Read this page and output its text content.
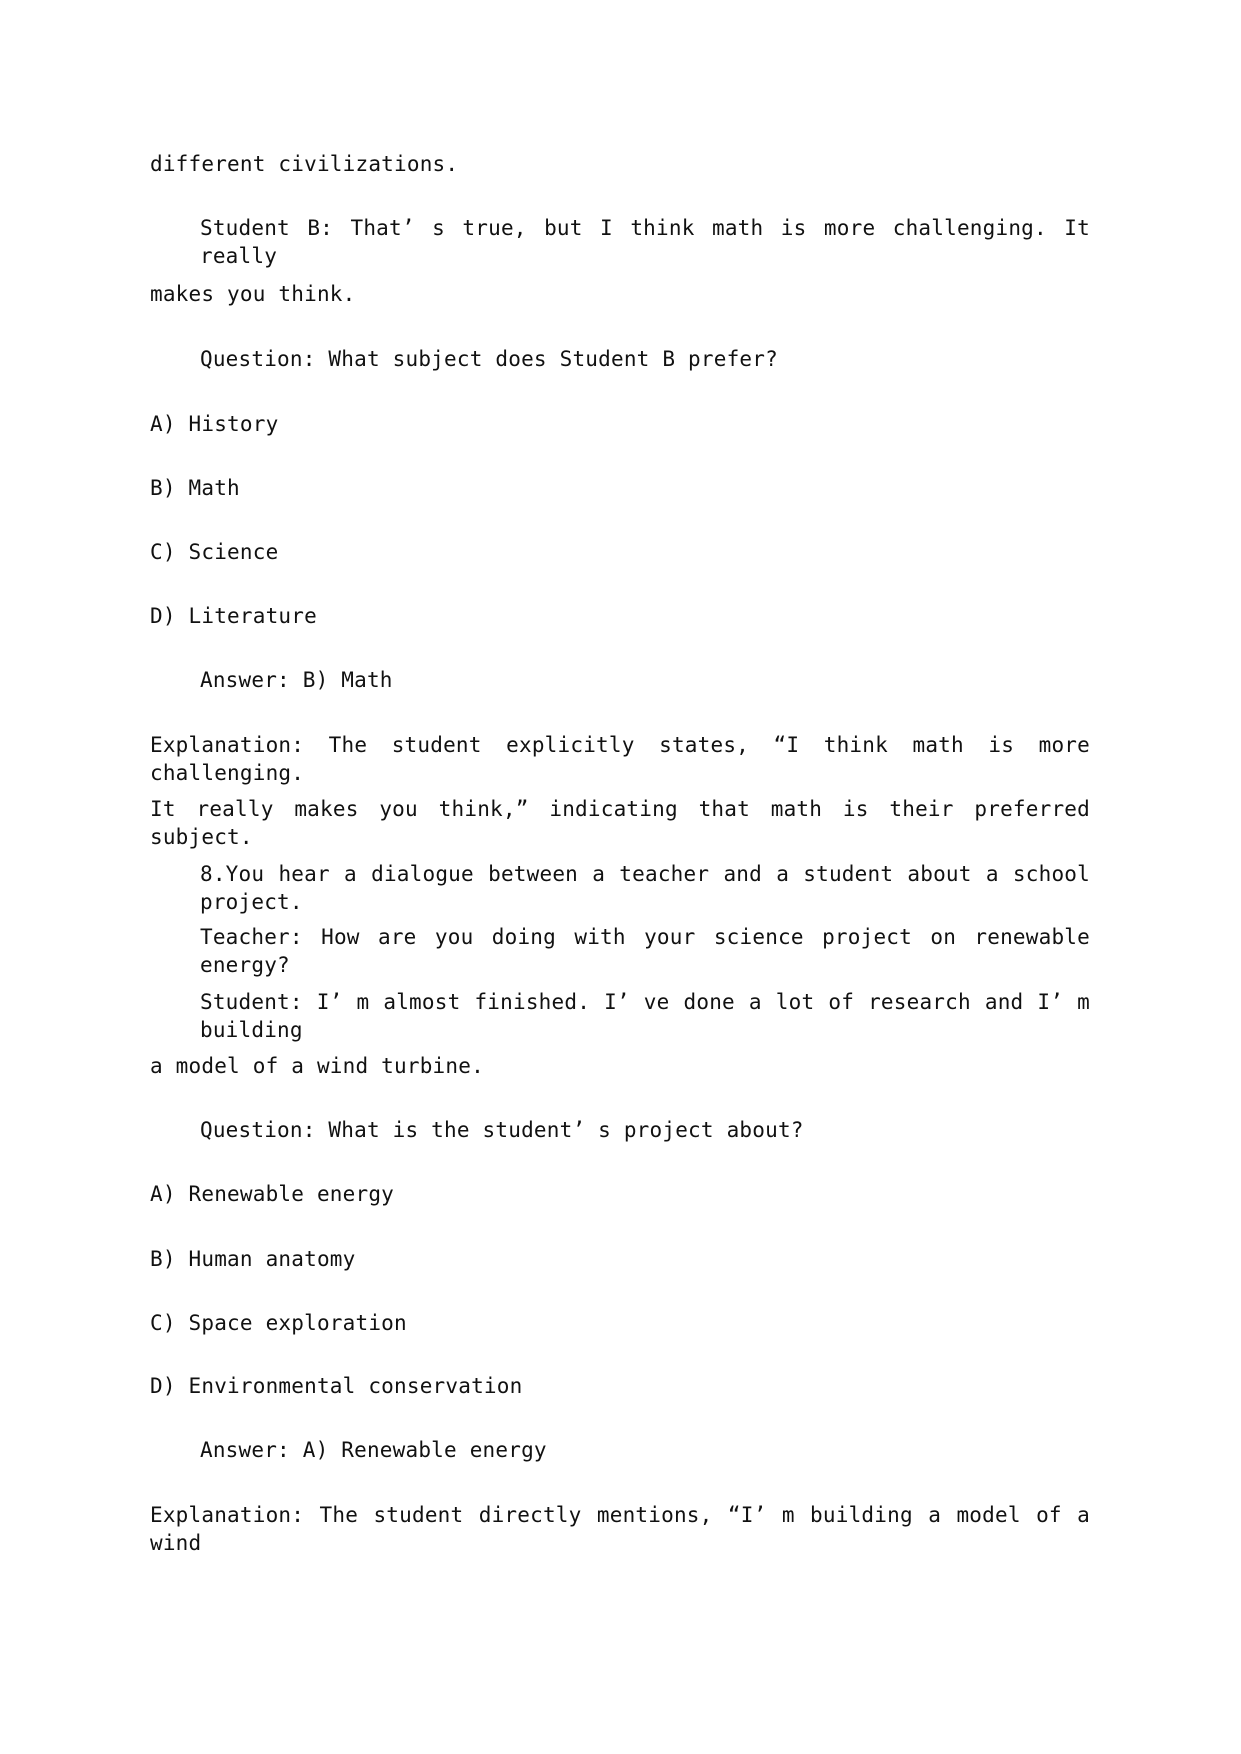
different civilizations.
Student B: That’ s true, but I think math is more challenging. It really
makes you think.
Question: What subject does Student B prefer?
A) History
B) Math
C) Science
D) Literature
Answer: B) Math
Explanation: The student explicitly states, “I think math is more challenging.
It really makes you think,” indicating that math is their preferred subject.
8.You hear a dialogue between a teacher and a student about a school project.
Teacher: How are you doing with your science project on renewable energy?
Student: I’ m almost finished. I’ ve done a lot of research and I’ m building
a model of a wind turbine.
Question: What is the student’ s project about?
A) Renewable energy
B) Human anatomy
C) Space exploration
D) Environmental conservation
Answer: A) Renewable energy
Explanation: The student directly mentions, “I’ m building a model of a wind
